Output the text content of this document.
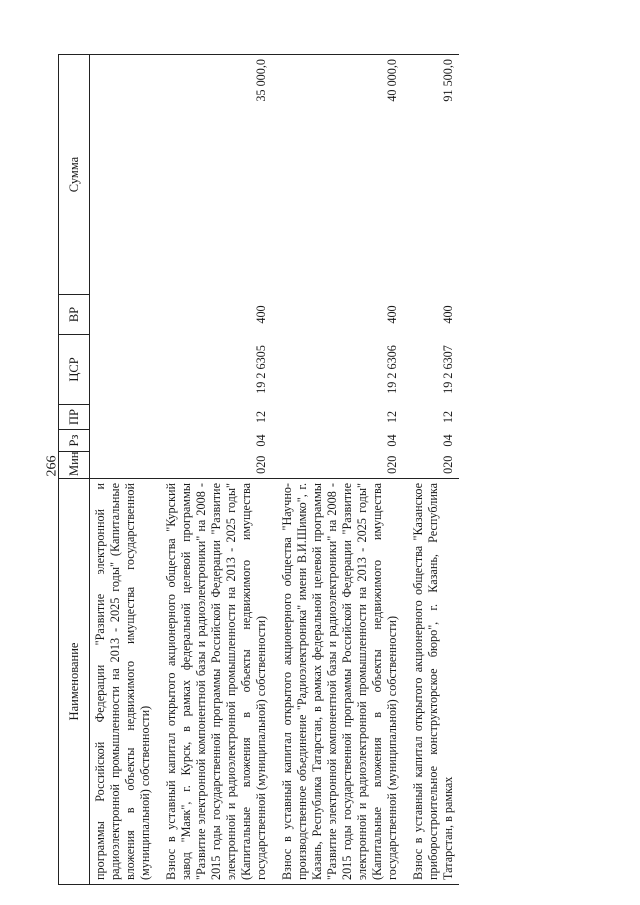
266
Наименование	Мин	Рз	ПР	ЦСР	ВР	Сумма

программы Российской Федерации "Развитие электронной и радиоэлектронной промышленности на 2013 - 2025 годы" (Капитальные вложения в объекты недвижимого имущества государственной (муниципальной) собственности)						

Взнос в уставный капитал открытого акционерного общества "Курский завод "Маяк", г. Курск, в рамках федеральной целевой программы "Развитие электронной компонентной базы и радиоэлектроники" на 2008 - 2015 годы государственной программы Российской Федерации "Развитие электронной и радиоэлектронной промышленности на 2013 - 2025 годы" (Капитальные вложения в объекты недвижимого имущества государственной (муниципальной) собственности)	020	04	12	19 2 6305	400	35 000,0

Взнос в уставный капитал открытого акционерного общества "Научно-производственное объединение "Радиоэлектроника" имени В.И.Шимко", г. Казань, Республика Татарстан, в рамках федеральной целевой программы "Развитие электронной компонентной базы и радиоэлектроники" на 2008 - 2015 годы государственной программы Российской Федерации "Развитие электронной и радиоэлектронной промышленности на 2013 - 2025 годы" (Капитальные вложения в объекты недвижимого имущества государственной (муниципальной) собственности)	020	04	12	19 2 6306	400	40 000,0

Взнос в уставный капитал открытого акционерного общества "Казанское приборостроительное конструкторское бюро", г. Казань, Республика Татарстан, в рамках	020	04	12	19 2 6307	400	91 500,0
